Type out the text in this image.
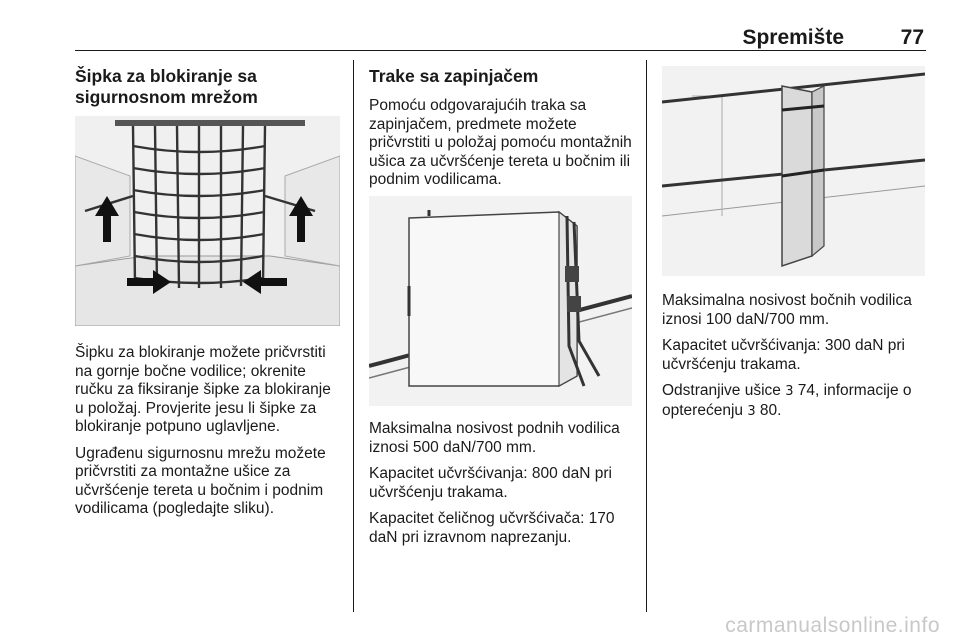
Spremište	77
Šipka za blokiranje sa
sigurnosnom mrežom

Šipku za blokiranje možete pričvrstiti na gornje bočne vodilice; okrenite ručku za fiksiranje šipke za blokiranje u položaj. Provjerite jesu li šipke za blokiranje potpuno uglavljene.

Ugrađenu sigurnosnu mrežu možete pričvrstiti za montažne ušice za učvršćenje tereta u bočnim i podnim vodilicama (pogledajte sliku).

Trake sa zapinjačem

Pomoću odgovarajućih traka sa zapinjačem, predmete možete pričvrstiti u položaj pomoću montažnih ušica za učvršćenje tereta u bočnim ili podnim vodilicama.

Maksimalna nosivost podnih vodilica iznosi 500 daN/700 mm.

Kapacitet učvršćivanja: 800 daN pri učvršćenju trakama.

Kapacitet čeličnog učvršćivača: 170 daN pri izravnom naprezanju.

Maksimalna nosivost bočnih vodilica iznosi 100 daN/700 mm.

Kapacitet učvršćivanja: 300 daN pri učvršćenju trakama.

Odstranjive ušice 3 74, informacije o opterećenju 3 80.

carmanualsonline.info
